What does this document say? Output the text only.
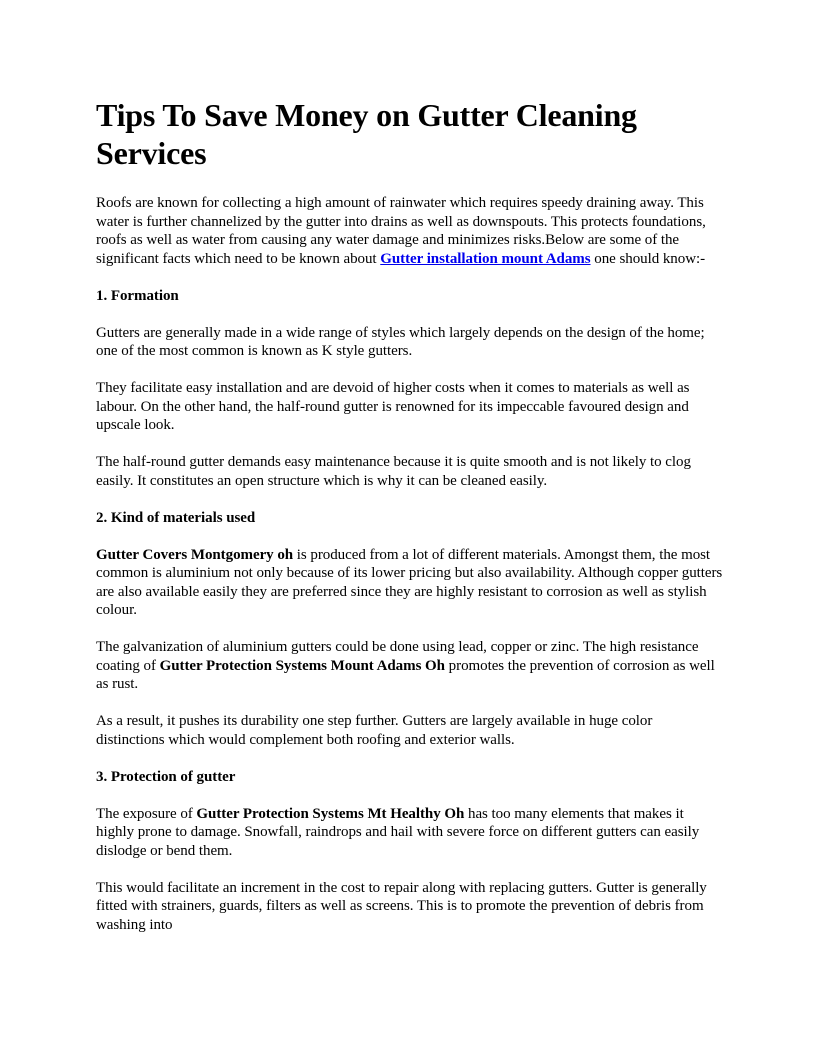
Tips To Save Money on Gutter Cleaning Services

Roofs are known for collecting a high amount of rainwater which requires speedy draining away. This water is further channelized by the gutter into drains as well as downspouts. This protects foundations, roofs as well as water from causing any water damage and minimizes risks.Below are some of the significant facts which need to be known about Gutter installation mount Adams one should know:-

1. Formation

Gutters are generally made in a wide range of styles which largely depends on the design of the home; one of the most common is known as K style gutters.

They facilitate easy installation and are devoid of higher costs when it comes to materials as well as labour. On the other hand, the half-round gutter is renowned for its impeccable favoured design and upscale look.

The half-round gutter demands easy maintenance because it is quite smooth and is not likely to clog easily. It constitutes an open structure which is why it can be cleaned easily.

2. Kind of materials used

Gutter Covers Montgomery oh is produced from a lot of different materials. Amongst them, the most common is aluminium not only because of its lower pricing but also availability. Although copper gutters are also available easily they are preferred since they are highly resistant to corrosion as well as stylish colour.

The galvanization of aluminium gutters could be done using lead, copper or zinc. The high resistance coating of Gutter Protection Systems Mount Adams Oh promotes the prevention of corrosion as well as rust.

As a result, it pushes its durability one step further. Gutters are largely available in huge color distinctions which would complement both roofing and exterior walls.

3. Protection of gutter

The exposure of Gutter Protection Systems Mt Healthy Oh has too many elements that makes it highly prone to damage. Snowfall, raindrops and hail with severe force on different gutters can easily dislodge or bend them.

This would facilitate an increment in the cost to repair along with replacing gutters. Gutter is generally fitted with strainers, guards, filters as well as screens. This is to promote the prevention of debris from washing into
